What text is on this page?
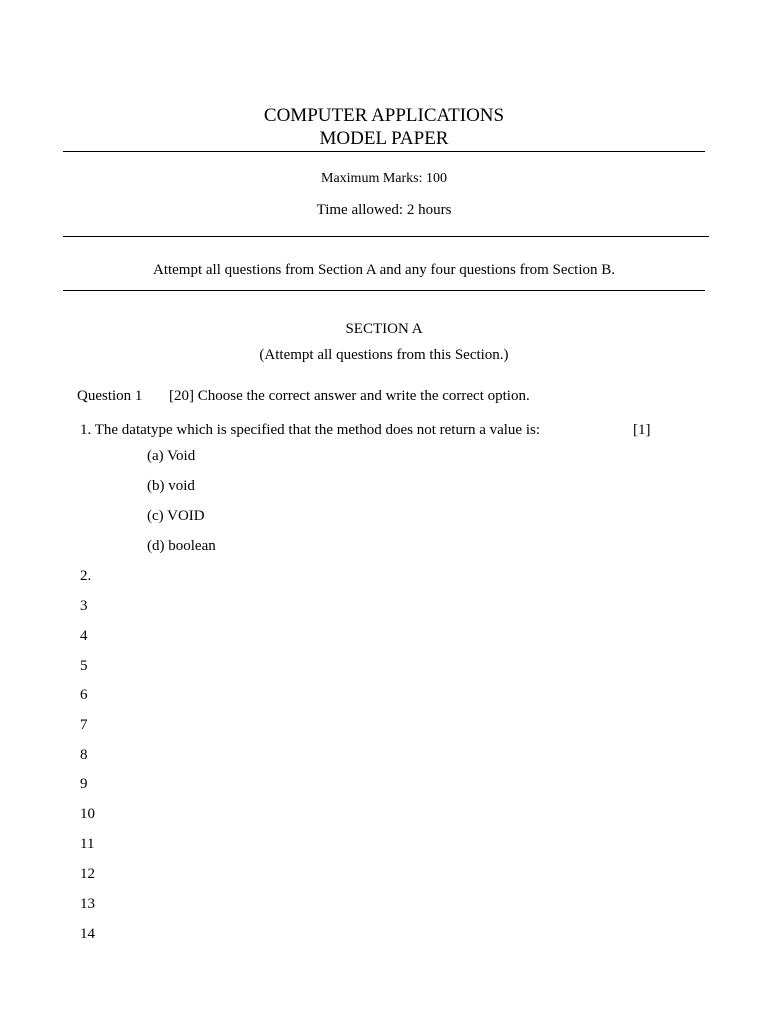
COMPUTER APPLICATIONS
MODEL PAPER
Maximum Marks: 100
Time allowed: 2 hours
Attempt all questions from Section A and any four questions from Section B.
SECTION A
(Attempt all questions from this Section.)
Question 1 [20] Choose the correct answer and write the correct option.
1. The datatype which is specified that the method does not return a value is:	[1]
(a) Void
(b) void
(c) VOID
(d) boolean
2.
3
4
5
6
7
8
9
10
11
12
13
14
